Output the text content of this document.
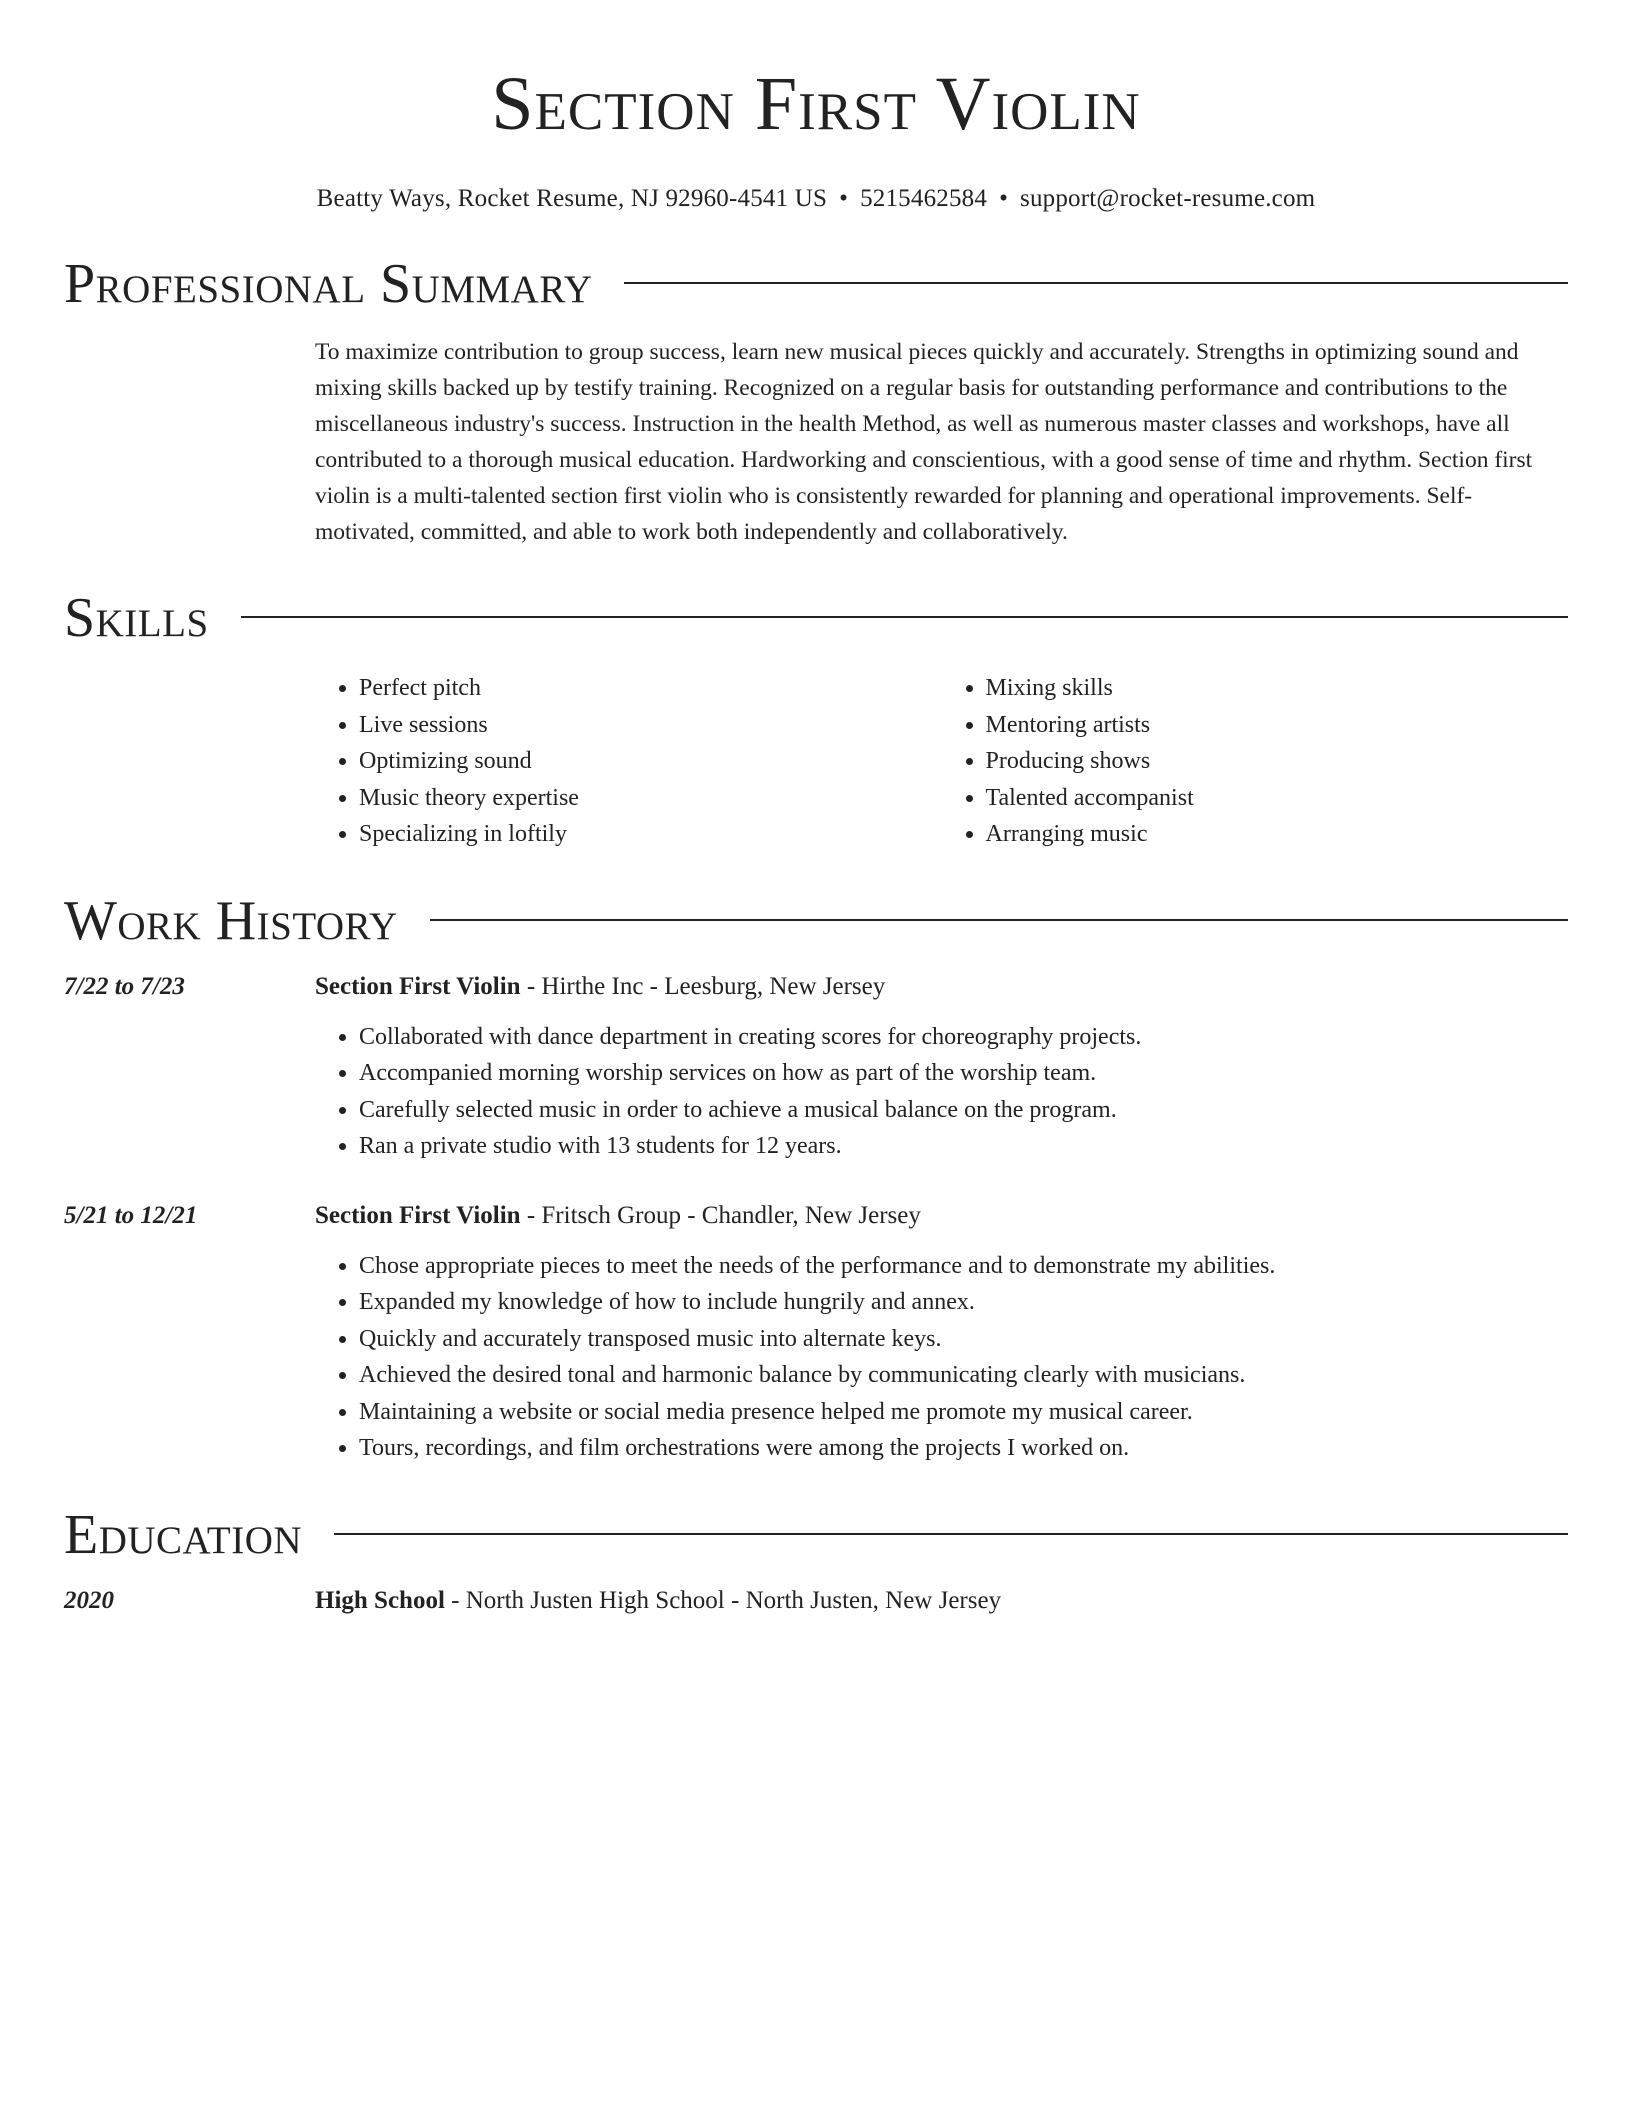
Section First Violin
Beatty Ways, Rocket Resume, NJ 92960-4541 US • 5215462584 • support@rocket-resume.com
Professional Summary

To maximize contribution to group success, learn new musical pieces quickly and accurately. Strengths in optimizing sound and mixing skills backed up by testify training. Recognized on a regular basis for outstanding performance and contributions to the miscellaneous industry's success. Instruction in the health Method, as well as numerous master classes and workshops, have all contributed to a thorough musical education. Hardworking and conscientious, with a good sense of time and rhythm. Section first violin is a multi-talented section first violin who is consistently rewarded for planning and operational improvements. Self-motivated, committed, and able to work both independently and collaboratively.

Skills
• Perfect pitch
• Live sessions
• Optimizing sound
• Music theory expertise
• Specializing in loftily
• Mixing skills
• Mentoring artists
• Producing shows
• Talented accompanist
• Arranging music
Work History
7/22 to 7/23	Section First Violin - Hirthe Inc - Leesburg, New Jersey
• Collaborated with dance department in creating scores for choreography projects.
• Accompanied morning worship services on how as part of the worship team.
• Carefully selected music in order to achieve a musical balance on the program.
• Ran a private studio with 13 students for 12 years.
5/21 to 12/21	Section First Violin - Fritsch Group - Chandler, New Jersey
• Chose appropriate pieces to meet the needs of the performance and to demonstrate my abilities.
• Expanded my knowledge of how to include hungrily and annex.
• Quickly and accurately transposed music into alternate keys.
• Achieved the desired tonal and harmonic balance by communicating clearly with musicians.
• Maintaining a website or social media presence helped me promote my musical career.
• Tours, recordings, and film orchestrations were among the projects I worked on.
Education
2020	High School - North Justen High School - North Justen, New Jersey
